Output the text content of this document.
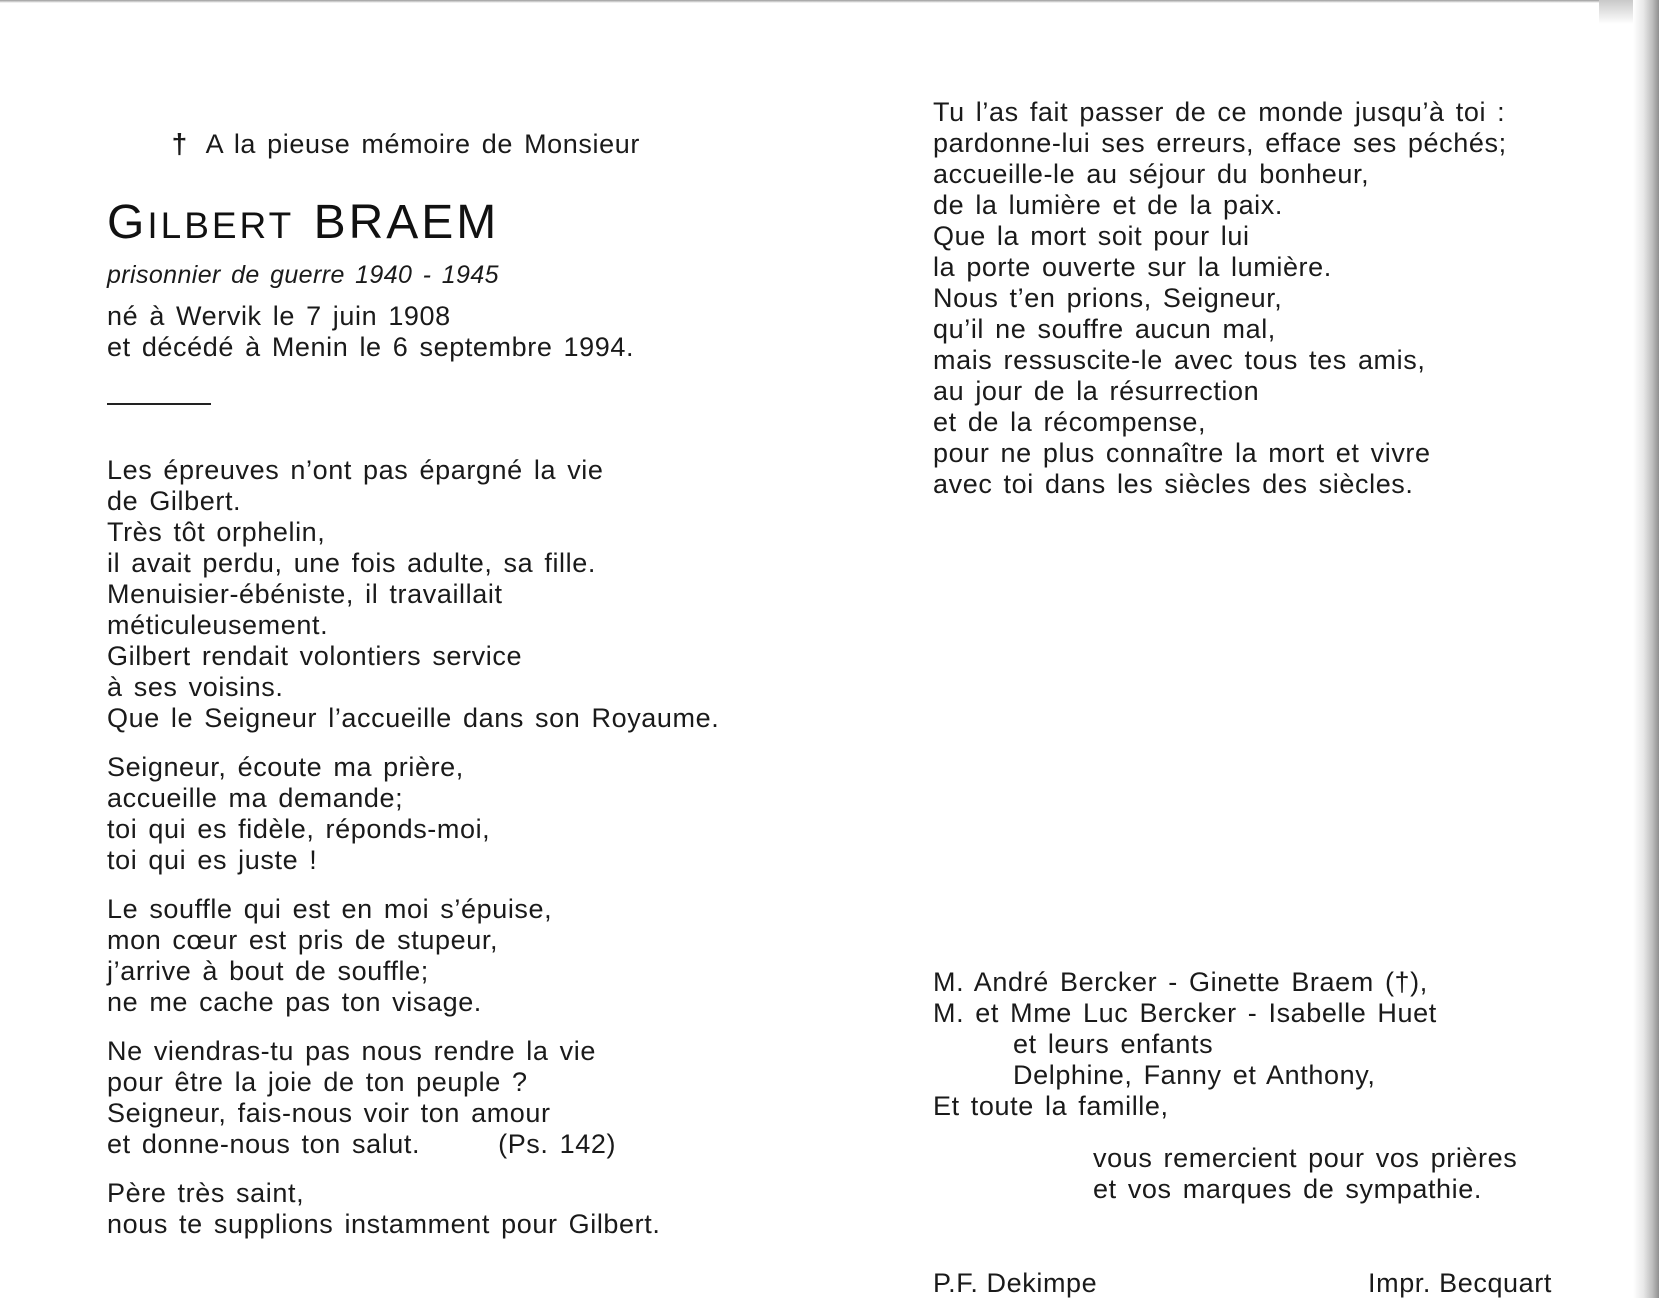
† A la pieuse mémoire de Monsieur

GILBERT BRAEM
prisonnier de guerre 1940 - 1945
né à Wervik le 7 juin 1908
et décédé à Menin le 6 septembre 1994.
Les épreuves n’ont pas épargné la vie
de Gilbert.
Très tôt orphelin,
il avait perdu, une fois adulte, sa fille.
Menuisier-ébéniste, il travaillait
méticuleusement.
Gilbert rendait volontiers service
à ses voisins.
Que le Seigneur l’accueille dans son Royaume.
Seigneur, écoute ma prière,
accueille ma demande;
toi qui es fidèle, réponds-moi,
toi qui es juste !
Le souffle qui est en moi s’épuise,
mon cœur est pris de stupeur,
j’arrive à bout de souffle;
ne me cache pas ton visage.
Ne viendras-tu pas nous rendre la vie
pour être la joie de ton peuple ?
Seigneur, fais-nous voir ton amour
et donne-nous ton salut.	(Ps. 142)
Père très saint,
nous te supplions instamment pour Gilbert.
Tu l’as fait passer de ce monde jusqu’à toi :
pardonne-lui ses erreurs, efface ses péchés;
accueille-le au séjour du bonheur,
de la lumière et de la paix.
Que la mort soit pour lui
la porte ouverte sur la lumière.
Nous t’en prions, Seigneur,
qu’il ne souffre aucun mal,
mais ressuscite-le avec tous tes amis,
au jour de la résurrection
et de la récompense,
pour ne plus connaître la mort et vivre
avec toi dans les siècles des siècles.
M. André Bercker - Ginette Braem (†),
M. et Mme Luc Bercker - Isabelle Huet
et leurs enfants
Delphine, Fanny et Anthony,
Et toute la famille,
vous remercient pour vos prières
et vos marques de sympathie.
P.F. Dekimpe	Impr. Becquart
